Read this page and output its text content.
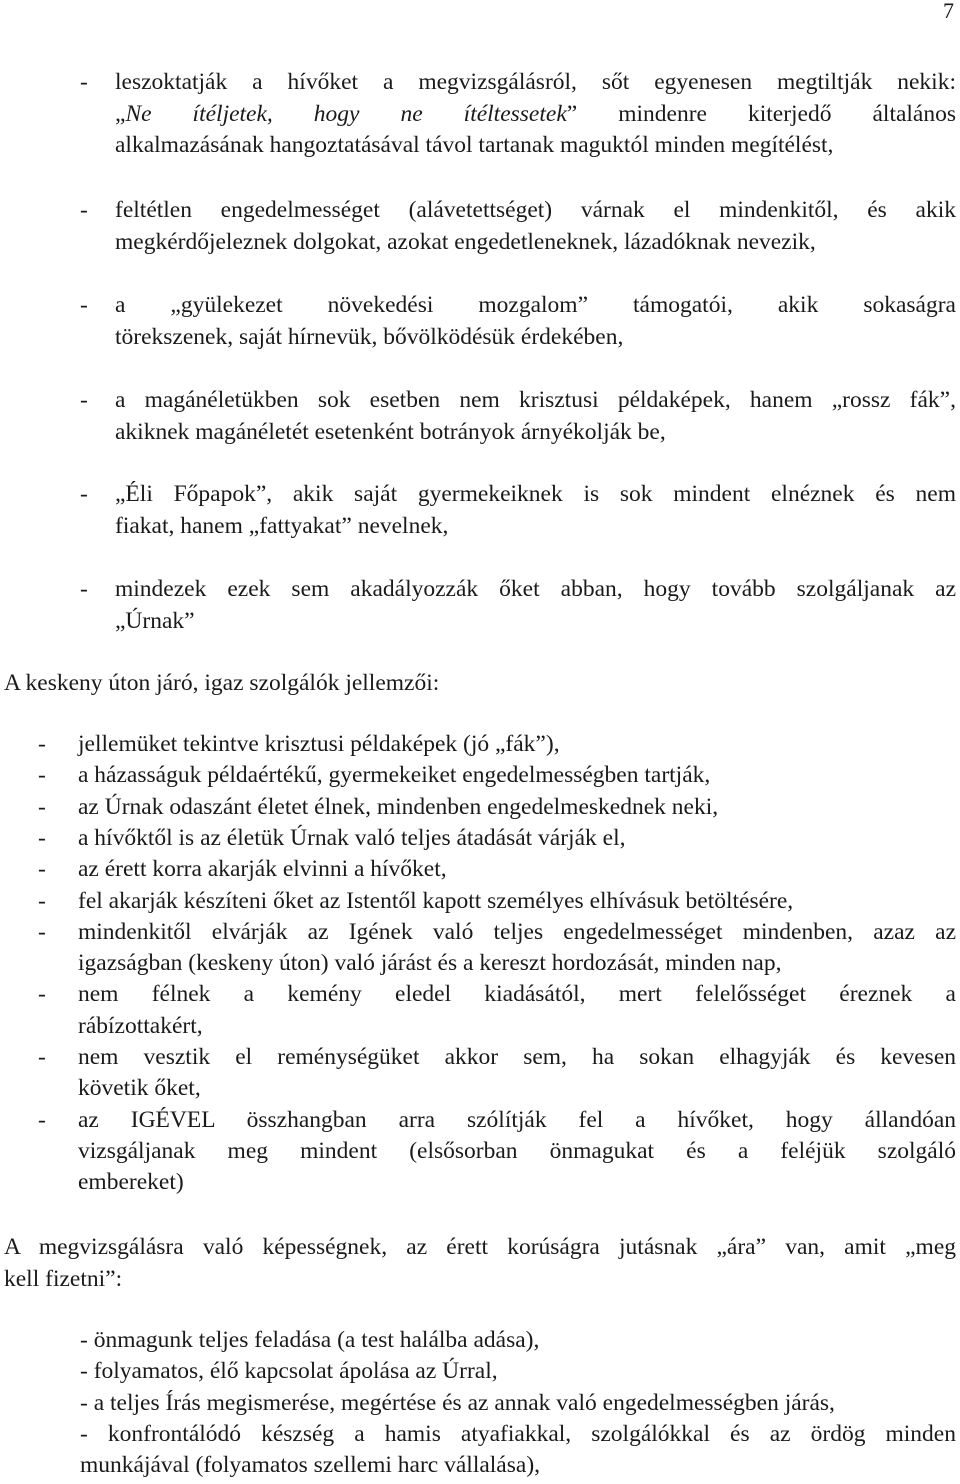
7
- leszoktatják a hívőket a megvizsgálásról, sőt egyenesen megtiltják nekik:
„Ne ítéljetek, hogy ne ítéltessetek” mindenre kiterjedő általános
alkalmazásának hangoztatásával távol tartanak maguktól minden megítélést,
- feltétlen engedelmességet (alávetettséget) várnak el mindenkitől, és akik
megkérdőjeleznek dolgokat, azokat engedetleneknek, lázadóknak nevezik,
- a „gyülekezet növekedési mozgalom” támogatói, akik sokaságra
törekszenek, saját hírnevük, bővölködésük érdekében,
- a magánéletükben sok esetben nem krisztusi példaképek, hanem „rossz fák”,
akiknek magánéletét esetenként botrányok árnyékolják be,
- „Éli Főpapok”, akik saját gyermekeiknek is sok mindent elnéznek és nem
fiakat, hanem „fattyakat” nevelnek,
- mindezek ezek sem akadályozzák őket abban, hogy tovább szolgáljanak az
„Úrnak”
A keskeny úton járó, igaz szolgálók jellemzői:
- jellemüket tekintve krisztusi példaképek (jó „fák”),
- a házasságuk példaértékű, gyermekeiket engedelmességben tartják,
- az Úrnak odaszánt életet élnek, mindenben engedelmeskednek neki,
- a hívőktől is az életük Úrnak való teljes átadását várják el,
- az érett korra akarják elvinni a hívőket,
- fel akarják készíteni őket az Istentől kapott személyes elhívásuk betöltésére,
- mindenkitől elvárják az Igének való teljes engedelmességet mindenben, azaz az
igazságban (keskeny úton) való járást és a kereszt hordozását, minden nap,
- nem félnek a kemény eledel kiadásától, mert felelősséget éreznek a
rábízottakért,
- nem vesztik el reménységüket akkor sem, ha sokan elhagyják és kevesen
követik őket,
- az IGÉVEL összhangban arra szólítják fel a hívőket, hogy állandóan
vizsgáljanak meg mindent (elsősorban önmagukat és a feléjük szolgáló
embereket)
A megvizsgálásra való képességnek, az érett korúságra jutásnak „ára” van, amit „meg
kell fizetni”:
- önmagunk teljes feladása (a test halálba adása),
- folyamatos, élő kapcsolat ápolása az Úrral,
- a teljes Írás megismerése, megértése és az annak való engedelmességben járás,
- konfrontálódó készség a hamis atyafiakkal, szolgálókkal és az ördög minden
munkájával (folyamatos szellemi harc vállalása),
